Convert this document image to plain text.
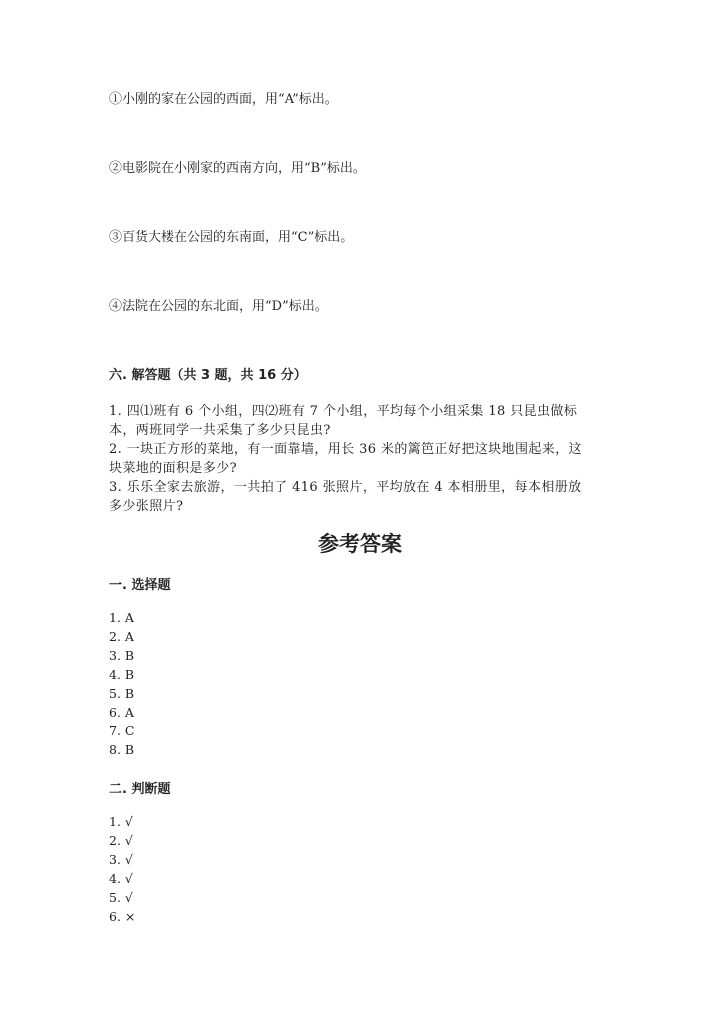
①小刚的家在公园的西面，用“A”标出。
②电影院在小刚家的西南方向，用“B”标出。
③百货大楼在公园的东南面，用“C”标出。
④法院在公园的东北面，用“D”标出。
六. 解答题（共 3 题，共 16 分）
1. 四⑴班有 6 个小组，四⑵班有 7 个小组，平均每个小组采集 18 只昆虫做标
本，两班同学一共采集了多少只昆虫?
2. 一块正方形的菜地，有一面靠墙，用长 36 米的篱笆正好把这块地围起来，这
块菜地的面积是多少?
3. 乐乐全家去旅游，一共拍了 416 张照片，平均放在 4 本相册里，每本相册放
多少张照片?
参考答案
一. 选择题
1. A
2. A
3. B
4. B
5. B
6. A
7. C
8. B
二. 判断题
1. √
2. √
3. √
4. √
5. √
6. ×
